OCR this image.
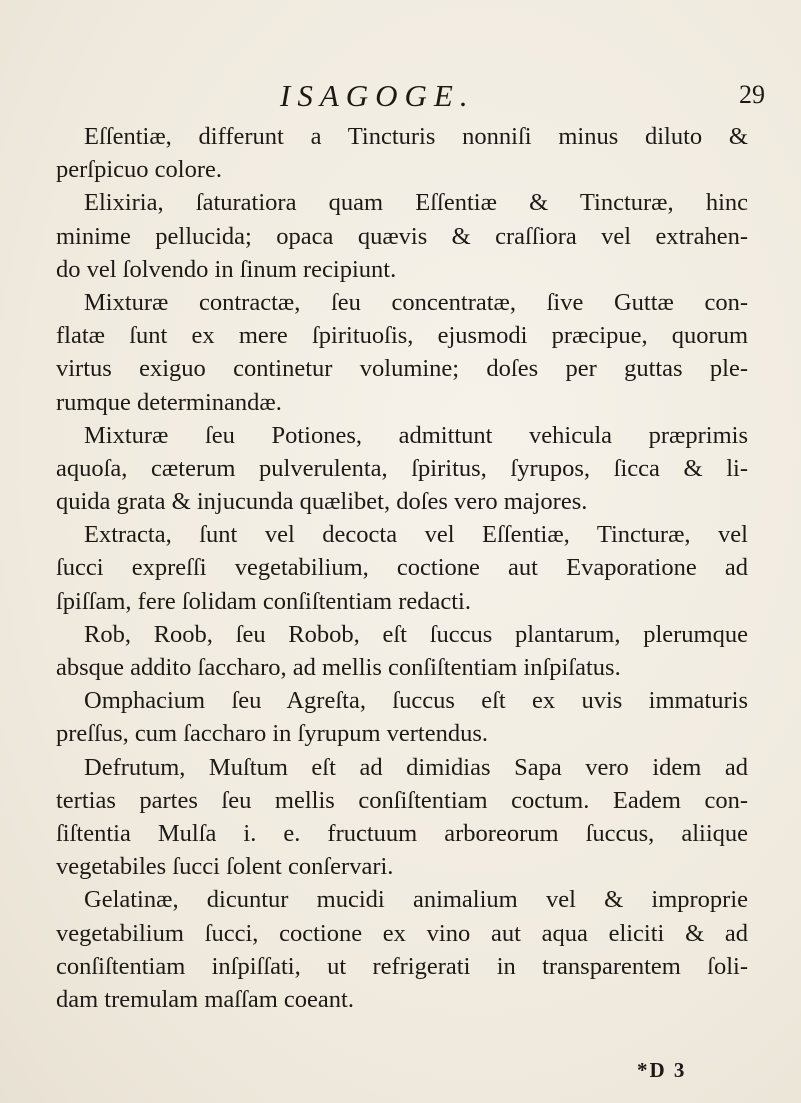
ISAGOGE.	29
Eſſentiæ, differunt a Tincturis nonniſi minus diluto &
perſpicuo colore.
Elixiria, ſaturatiora quam Eſſentiæ & Tincturæ, hinc
minime pellucida; opaca quævis & craſſiora vel extrahen-
do vel ſolvendo in ſinum recipiunt.
Mixturæ contractæ, ſeu concentratæ, ſive Guttæ con-
flatæ ſunt ex mere ſpirituoſis, ejusmodi præcipue, quorum
virtus exiguo continetur volumine; doſes per guttas ple-
rumque determinandæ.
Mixturæ ſeu Potiones, admittunt vehicula præprimis
aquoſa, cæterum pulverulenta, ſpiritus, ſyrupos, ſicca & li-
quida grata & injucunda quælibet, doſes vero majores.
Extracta, ſunt vel decocta vel Eſſentiæ, Tincturæ, vel
ſucci expreſſi vegetabilium, coctione aut Evaporatione ad
ſpiſſam, fere ſolidam conſiſtentiam redacti.
Rob, Roob, ſeu Robob, eſt ſuccus plantarum, plerumque
absque addito ſaccharo, ad mellis conſiſtentiam inſpiſatus.
Omphacium ſeu Agreſta, ſuccus eſt ex uvis immaturis
preſſus, cum ſaccharo in ſyrupum vertendus.
Defrutum, Muſtum eſt ad dimidias Sapa vero idem ad
tertias partes ſeu mellis conſiſtentiam coctum. Eadem con-
ſiſtentia Mulſa i. e. fructuum arboreorum ſuccus, aliique
vegetabiles ſucci ſolent conſervari.
Gelatinæ, dicuntur mucidi animalium vel & improprie
vegetabilium ſucci, coctione ex vino aut aqua eliciti & ad
conſiſtentiam inſpiſſati, ut refrigerati in transparentem ſoli-
dam tremulam maſſam coeant.
*D 3
